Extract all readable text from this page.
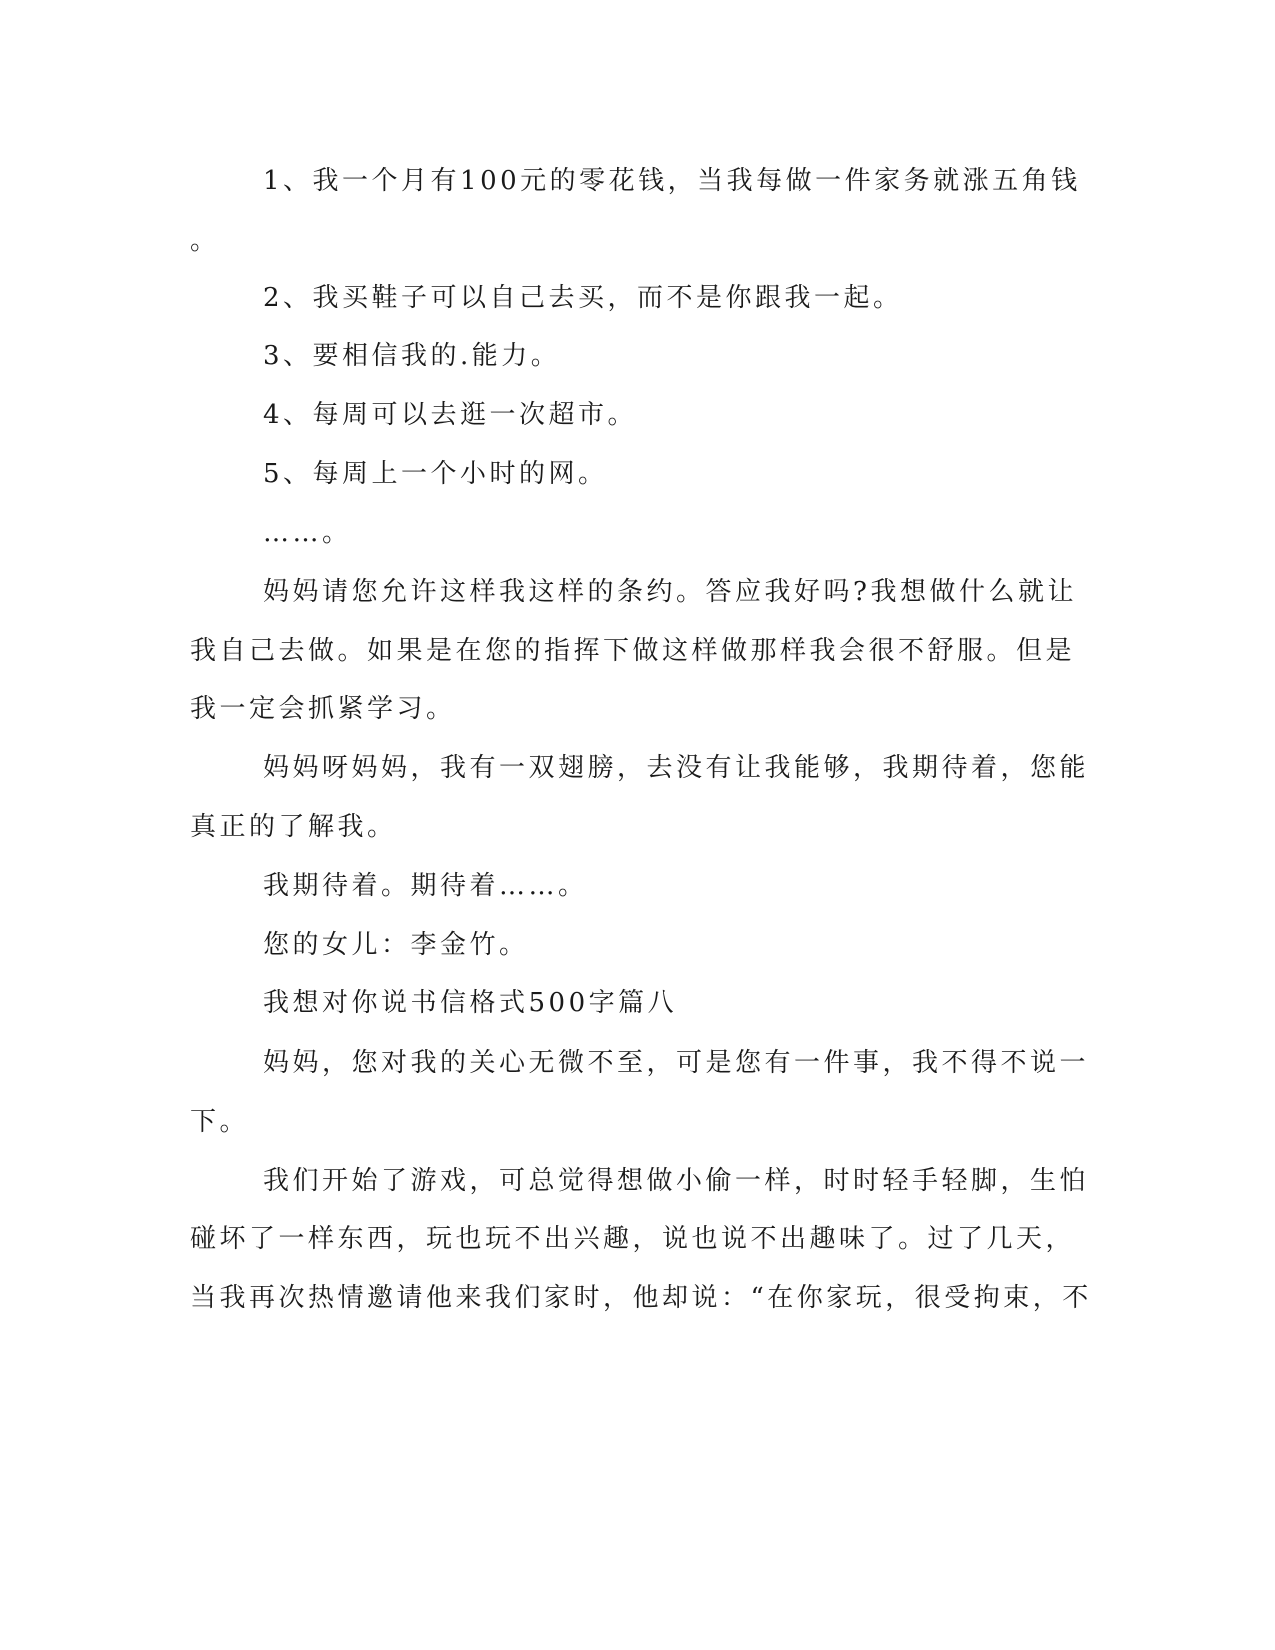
1、我一个月有100元的零花钱，当我每做一件家务就涨五角钱
。
2、我买鞋子可以自己去买，而不是你跟我一起。
3、要相信我的.能力。
4、每周可以去逛一次超市。
5、每周上一个小时的网。
……。
妈妈请您允许这样我这样的条约。答应我好吗?我想做什么就让
我自己去做。如果是在您的指挥下做这样做那样我会很不舒服。但是
我一定会抓紧学习。
妈妈呀妈妈，我有一双翅膀，去没有让我能够，我期待着，您能
真正的了解我。
我期待着。期待着……。
您的女儿：李金竹。
我想对你说书信格式500字篇八
妈妈，您对我的关心无微不至，可是您有一件事，我不得不说一
下。
我们开始了游戏，可总觉得想做小偷一样，时时轻手轻脚，生怕
碰坏了一样东西，玩也玩不出兴趣，说也说不出趣味了。过了几天，
当我再次热情邀请他来我们家时，他却说：“在你家玩，很受拘束，不
